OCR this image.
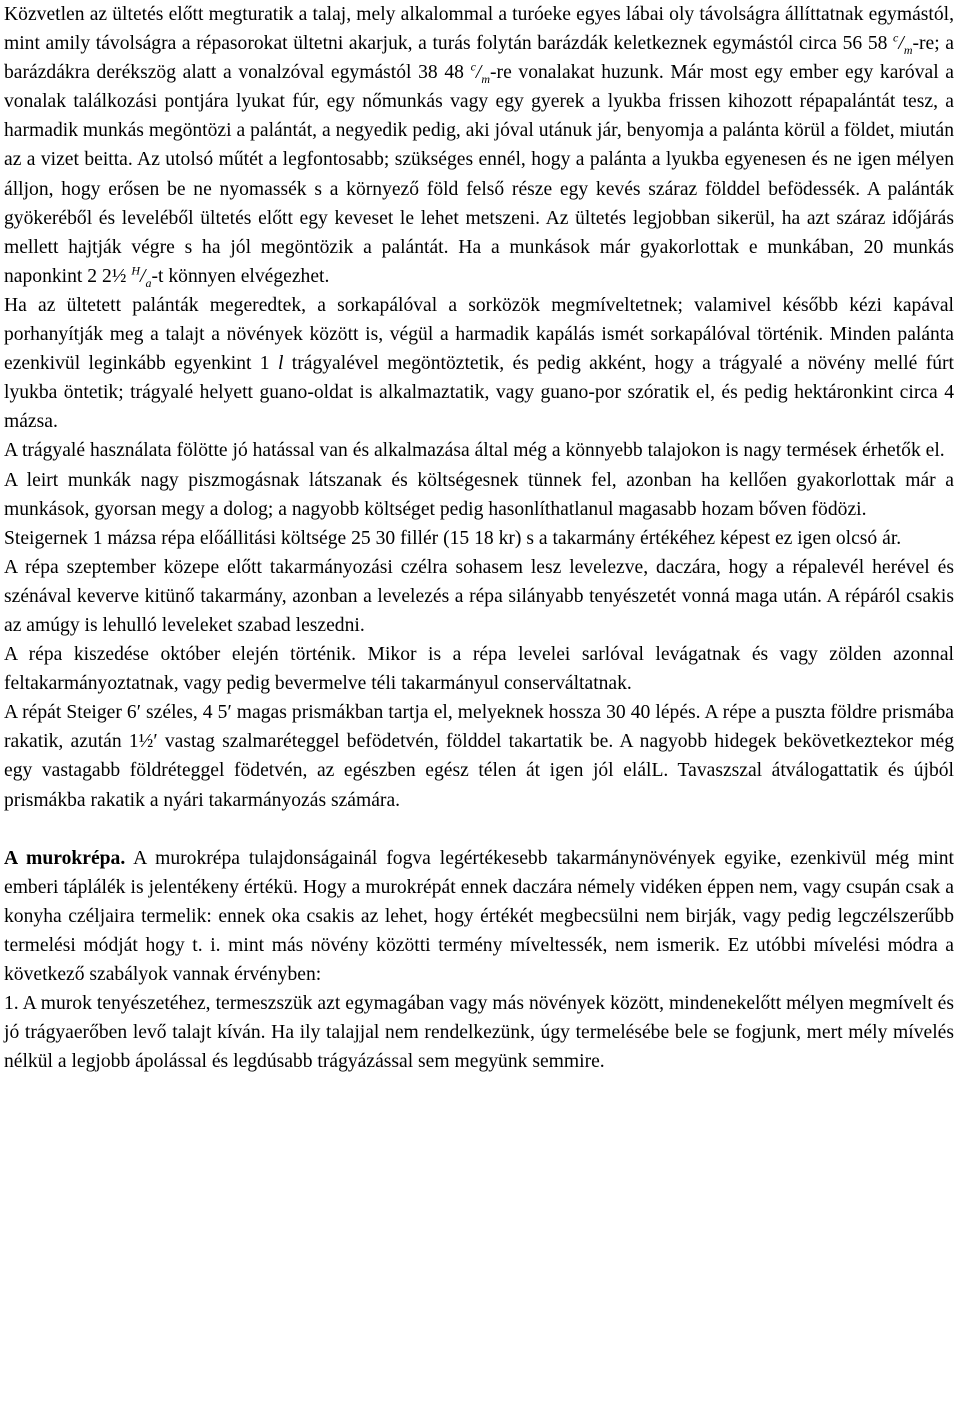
Közvetlen az ültetés előtt megturatik a talaj, mely alkalommal a turóeke egyes lábai oly távolságra állíttatnak egymástól, mint amily távolságra a répasorokat ültetni akarjuk, a turás folytán barázdák keletkeznek egymástól circa 56 58 $^c/_m-re$; a barázdákra derékszög alatt a vonalzóval egymástól 38 48 $^c/_m-re$ vonalakat huzunk. Már most egy ember egy karóval a vonalak találkozási pontjára lyukat fúr, egy nőmunkás vagy egy gyerek a lyukba frissen kihozott répapalántát tesz, a harmadik munkás megöntözi a palántát, a negyedik pedig, aki jóval utánuk jár, benyomja a palánta körül a földet, miután az a vizet beitta. Az utolsó műtét a legfontosabb; szükséges ennél, hogy a palánta a lyukba egyenesen és ne igen mélyen álljon, hogy erősen be ne nyomassék s a környező föld felső része egy kevés száraz földdel befödessék. A palánták gyökeréből és leveléből ültetés előtt egy keveset le lehet metszeni. Az ültetés legjobban sikerül, ha azt száraz időjárás mellett hajtják végre s ha jól megöntözik a palántát. Ha a munkások már gyakorlottak e munkában, 20 munkás naponkint 2 2½ $^H/_a-t$ könnyen elvégezhet.

Ha az ültetett palánták megeredtek, a sorkapálóval a sorközök megmíveltetnek; valamivel később kézi kapával porhanyítják meg a talajt a növények között is, végül a harmadik kapálás ismét sorkapálóval történik. Minden palánta ezenkivül leginkább egyenkint 1 l trágyalével megöntöztetik, és pedig akként, hogy a trágyalé a növény mellé fúrt lyukba öntetik; trágyalé helyett guano-oldat is alkalmaztatik, vagy guano-por szóratik el, és pedig hektáronkint circa 4 mázsa.

A trágyalé használata fölötte jó hatással van és alkalmazása által még a könnyebb talajokon is nagy termések érhetők el.

A leirt munkák nagy piszmogásnak látszanak és költségesnek tünnek fel, azonban ha kellően gyakorlottak már a munkások, gyorsan megy a dolog; a nagyobb költséget pedig hasonlíthatlanul magasabb hozam bőven födözi.

Steigernek 1 mázsa répa előállitási költsége 25 30 fillér (15 18 kr) s a takarmány értékéhez képest ez igen olcsó ár.

A répa szeptember közepe előtt takarmányozási czélra sohasem lesz levelezve, daczára, hogy a répalevél herével és szénával keverve kitünő takarmány, azonban a levelezés a répa silányabb tenyészetét vonná maga után. A répáról csakis az amúgy is lehulló leveleket szabad leszedni.

A répa kiszedése október elején történik. Mikor is a répa levelei sarlóval levágatnak és vagy zölden azonnal feltakarmányoztatnak, vagy pedig bevermelve téli takarmányul conserváltatnak.

A répát Steiger 6′ széles, 4 5′ magas prismákban tartja el, melyeknek hossza 30 40 lépés. A répe a puszta földre prismába rakatik, azután 1½′ vastag szalmaréteggel befödetvén, földdel takartatik be. A nagyobb hidegek bekövetkeztekor még egy vastagabb földréteggel födetvén, az egészben egész télen át igen jól elálL. Tavaszszal átválogattatik és újból prismákba rakatik a nyári takarmányozás számára.

A murokrépa. A murokrépa tulajdonságainál fogva legértékesebb takarmánynövények egyike, ezenkivül még mint emberi táplálék is jelentékeny értékü. Hogy a murokrépát ennek daczára némely vidéken éppen nem, vagy csupán csak a konyha czéljaira termelik: ennek oka csakis az lehet, hogy értékét megbecsülni nem birják, vagy pedig legczélszerűbb termelési módját hogy t. i. mint más növény közötti termény míveltessék, nem ismerik. Ez utóbbi mívelési módra a következő szabályok vannak érvényben:

1. A murok tenyészetéhez, termeszszük azt egymagában vagy más növények között, mindenekelőtt mélyen megmívelt és jó trágyaerőben levő talajt kíván. Ha ily talajjal nem rendelkezünk, úgy termelésébe bele se fogjunk, mert mély mívelés nélkül a legjobb ápolással és legdúsabb trágyázással sem megyünk semmire.
